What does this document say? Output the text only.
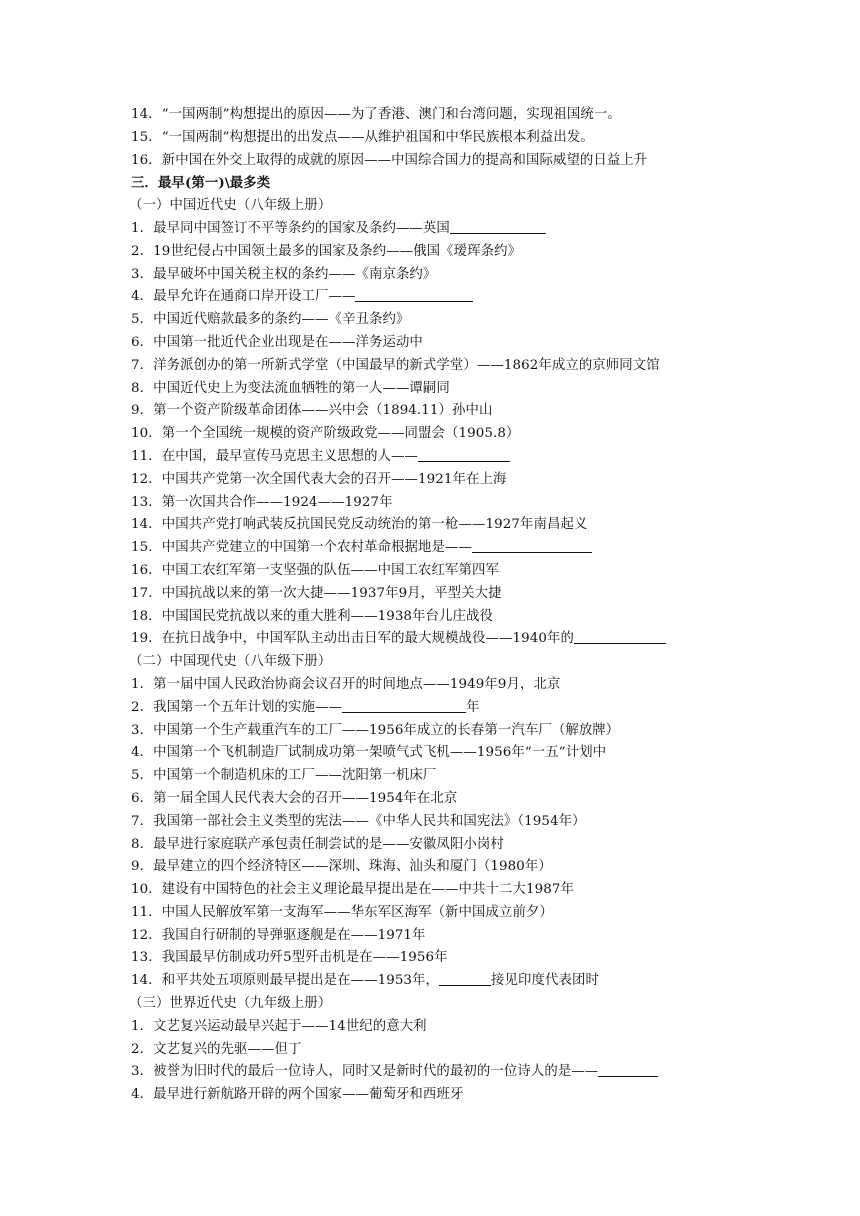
14．“一国两制”构想提出的原因——为了香港、澳门和台湾问题，实现祖国统一。
15．“一国两制”构想提出的出发点——从维护祖国和中华民族根本利益出发。
16．新中国在外交上取得的成就的原因——中国综合国力的提高和国际威望的日益上升
三．最早(第一)\最多类
（一）中国近代史（八年级上册）
1．最早同中国签订不平等条约的国家及条约——英国
2．19世纪侵占中国领土最多的国家及条约——俄国《瑷珲条约》
3．最早破坏中国关税主权的条约——《南京条约》
4．最早允许在通商口岸开设工厂——
5．中国近代赔款最多的条约——《辛丑条约》
6．中国第一批近代企业出现是在——洋务运动中
7．洋务派创办的第一所新式学堂（中国最早的新式学堂）——1862年成立的京师同文馆
8．中国近代史上为变法流血牺牲的第一人——谭嗣同
9．第一个资产阶级革命团体——兴中会（1894.11）孙中山
10．第一个全国统一规模的资产阶级政党——同盟会（1905.8）
11．在中国，最早宣传马克思主义思想的人——
12．中国共产党第一次全国代表大会的召开——1921年在上海
13．第一次国共合作——1924——1927年
14．中国共产党打响武装反抗国民党反动统治的第一枪——1927年南昌起义
15．中国共产党建立的中国第一个农村革命根据地是——
16．中国工农红军第一支坚强的队伍——中国工农红军第四军
17．中国抗战以来的第一次大捷——1937年9月，平型关大捷
18．中国国民党抗战以来的重大胜利——1938年台儿庄战役
19．在抗日战争中，中国军队主动出击日军的最大规模战役——1940年的
（二）中国现代史（八年级下册）
1．第一届中国人民政治协商会议召开的时间地点——1949年9月，北京
2．我国第一个五年计划的实施——	年
3．中国第一个生产载重汽车的工厂——1956年成立的长春第一汽车厂（解放牌）
4．中国第一个飞机制造厂试制成功第一架喷气式飞机——1956年“一五”计划中
5．中国第一个制造机床的工厂——沈阳第一机床厂
6．第一届全国人民代表大会的召开——1954年在北京
7．我国第一部社会主义类型的宪法——《中华人民共和国宪法》（1954年）
8．最早进行家庭联产承包责任制尝试的是——安徽凤阳小岗村
9．最早建立的四个经济特区——深圳、珠海、汕头和厦门（1980年）
10．建设有中国特色的社会主义理论最早提出是在——中共十二大1987年
11．中国人民解放军第一支海军——华东军区海军（新中国成立前夕）
12．我国自行研制的导弹驱逐舰是在——1971年
13．我国最早仿制成功歼5型歼击机是在——1956年
14．和平共处五项原则最早提出是在——1953年，	接见印度代表团时
（三）世界近代史（九年级上册）
1．文艺复兴运动最早兴起于——14世纪的意大利
2．文艺复兴的先驱——但丁
3．被誉为旧时代的最后一位诗人，同时又是新时代的最初的一位诗人的是——
4．最早进行新航路开辟的两个国家——葡萄牙和西班牙
